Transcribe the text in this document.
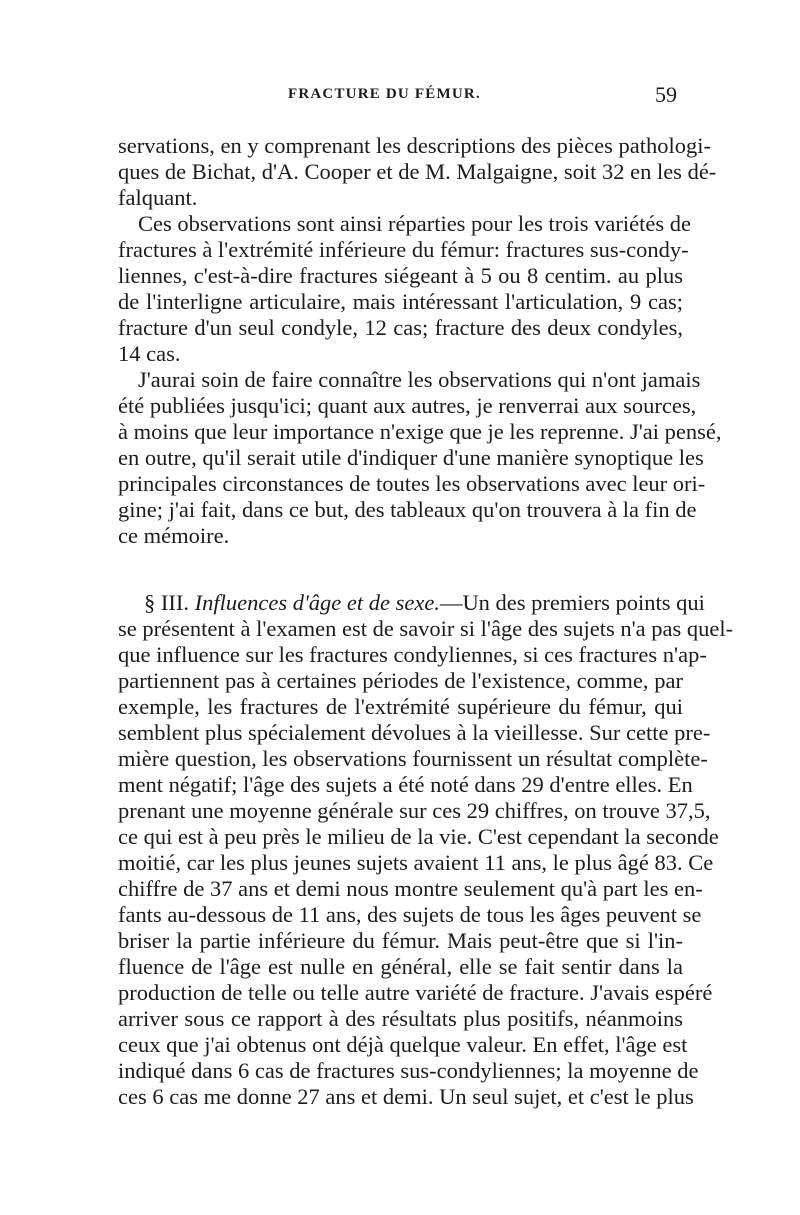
FRACTURE DU FÉMUR.	59
servations, en y comprenant les descriptions des pièces pathologi-
ques de Bichat, d'A. Cooper et de M. Malgaigne, soit 32 en les dé-
falquant.
Ces observations sont ainsi réparties pour les trois variétés de
fractures à l'extrémité inférieure du fémur: fractures sus-condy-
liennes, c'est-à-dire fractures siégeant à 5 ou 8 centim. au plus
de l'interligne articulaire, mais intéressant l'articulation, 9 cas;
fracture d'un seul condyle, 12 cas; fracture des deux condyles,
14 cas.
J'aurai soin de faire connaître les observations qui n'ont jamais
été publiées jusqu'ici; quant aux autres, je renverrai aux sources,
à moins que leur importance n'exige que je les reprenne. J'ai pensé,
en outre, qu'il serait utile d'indiquer d'une manière synoptique les
principales circonstances de toutes les observations avec leur ori-
gine; j'ai fait, dans ce but, des tableaux qu'on trouvera à la fin de
ce mémoire.
§ III. Influences d'âge et de sexe.—Un des premiers points qui
se présentent à l'examen est de savoir si l'âge des sujets n'a pas quel-
que influence sur les fractures condyliennes, si ces fractures n'ap-
partiennent pas à certaines périodes de l'existence, comme, par
exemple, les fractures de l'extrémité supérieure du fémur, qui
semblent plus spécialement dévolues à la vieillesse. Sur cette pre-
mière question, les observations fournissent un résultat complète-
ment négatif; l'âge des sujets a été noté dans 29 d'entre elles. En
prenant une moyenne générale sur ces 29 chiffres, on trouve 37,5,
ce qui est à peu près le milieu de la vie. C'est cependant la seconde
moitié, car les plus jeunes sujets avaient 11 ans, le plus âgé 83. Ce
chiffre de 37 ans et demi nous montre seulement qu'à part les en-
fants au-dessous de 11 ans, des sujets de tous les âges peuvent se
briser la partie inférieure du fémur. Mais peut-être que si l'in-
fluence de l'âge est nulle en général, elle se fait sentir dans la
production de telle ou telle autre variété de fracture. J'avais espéré
arriver sous ce rapport à des résultats plus positifs, néanmoins
ceux que j'ai obtenus ont déjà quelque valeur. En effet, l'âge est
indiqué dans 6 cas de fractures sus-condyliennes; la moyenne de
ces 6 cas me donne 27 ans et demi. Un seul sujet, et c'est le plus
